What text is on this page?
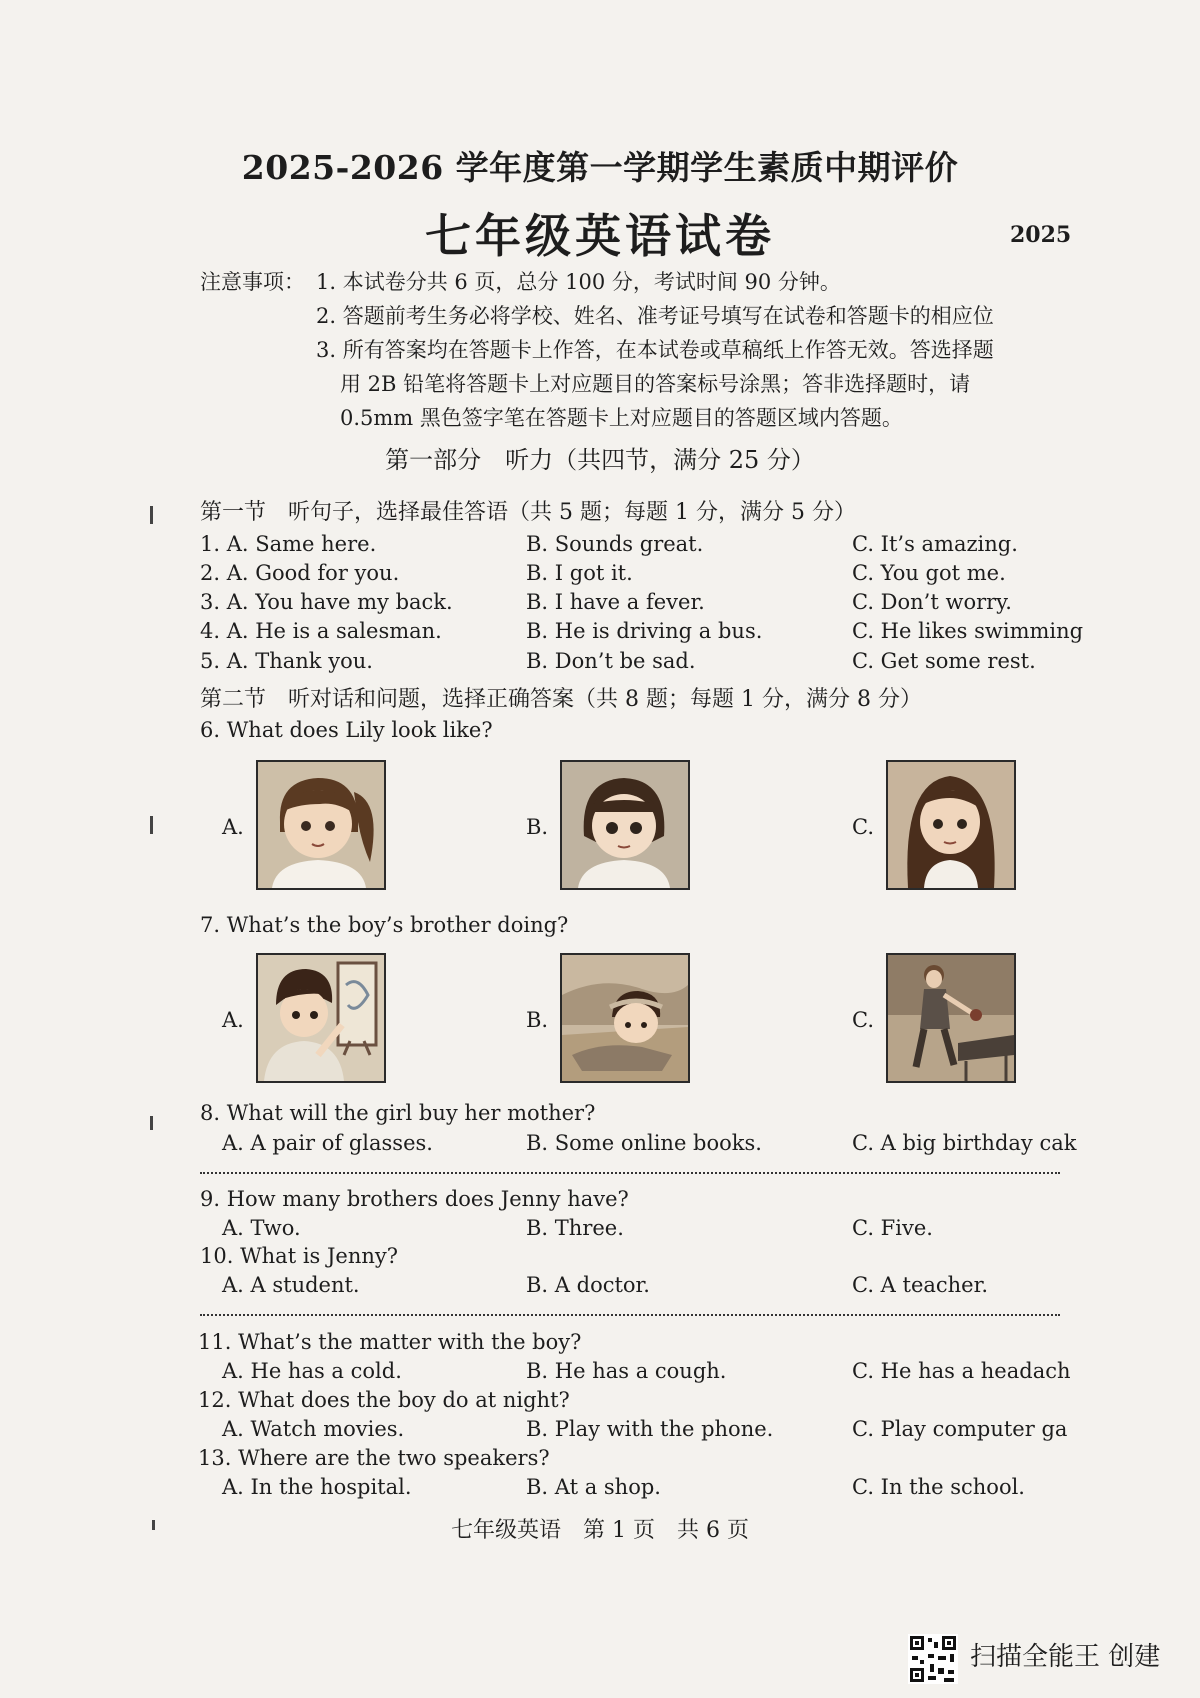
2025-2026 学年度第一学期学生素质中期评价
七年级英语试卷	2025
注意事项： 1. 本试卷分共 6 页，总分 100 分，考试时间 90 分钟。
2. 答题前考生务必将学校、姓名、准考证号填写在试卷和答题卡的相应位
3. 所有答案均在答题卡上作答，在本试卷或草稿纸上作答无效。答选择题
用 2B 铅笔将答题卡上对应题目的答案标号涂黑；答非选择题时，请
0.5mm 黑色签字笔在答题卡上对应题目的答题区域内答题。
第一部分　听力（共四节，满分 25 分）
第一节　听句子，选择最佳答语（共 5 题；每题 1 分，满分 5 分）
1. A. Same here.	B. Sounds great.	C. It’s amazing.
2. A. Good for you.	B. I got it.	C. You got me.
3. A. You have my back.	B. I have a fever.	C. Don’t worry.
4. A. He is a salesman.	B. He is driving a bus.	C. He likes swimming
5. A. Thank you.	B. Don’t be sad.	C. Get some rest.
第二节　听对话和问题，选择正确答案（共 8 题；每题 1 分，满分 8 分）
6. What does Lily look like?
A.	B.	C.
7. What’s the boy’s brother doing?
A.	B.	C.
8. What will the girl buy her mother?
A. A pair of glasses.	B. Some online books.	C. A big birthday cak
9. How many brothers does Jenny have?
A. Two.	B. Three.	C. Five.
10. What is Jenny?
A. A student.	B. A doctor.	C. A teacher.
11. What’s the matter with the boy?
A. He has a cold.	B. He has a cough.	C. He has a headach
12. What does the boy do at night?
A. Watch movies.	B. Play with the phone.	C. Play computer ga
13. Where are the two speakers?
A. In the hospital.	B. At a shop.	C. In the school.
七年级英语　第 1 页　共 6 页
扫描全能王 创建
